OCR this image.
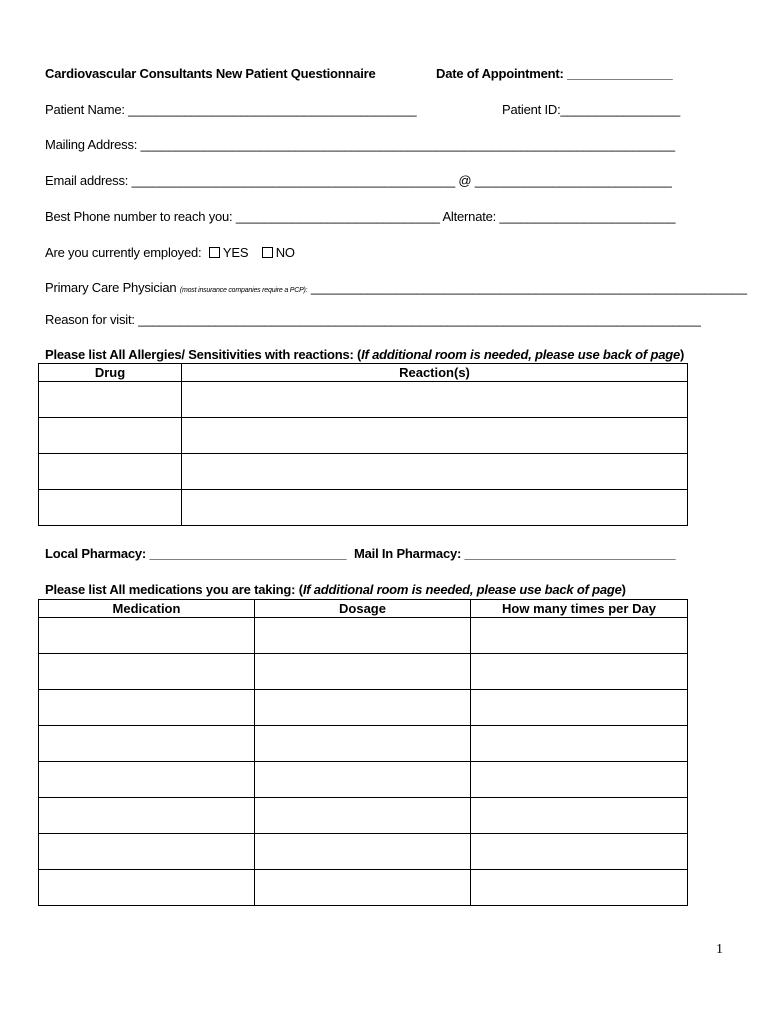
Cardiovascular Consultants New Patient Questionnaire	Date of Appointment: _______________
Patient Name: _________________________________________	Patient ID:_________________
Mailing Address: ____________________________________________________________________________
Email address: ______________________________________________ @ ____________________________
Best Phone number to reach you: _____________________________ Alternate: _________________________
Are you currently employed: YES NO
Primary Care Physician (most insurance companies require a PCP): ______________________________________________________________
Reason for visit: ________________________________________________________________________________
Please list All Allergies/ Sensitivities with reactions: (If additional room is needed, please use back of page)
Drug	Reaction(s)

Local Pharmacy: ____________________________ Mail In Pharmacy: ______________________________
Please list All medications you are taking: (If additional room is needed, please use back of page)
Medication	Dosage	How many times per Day

1
